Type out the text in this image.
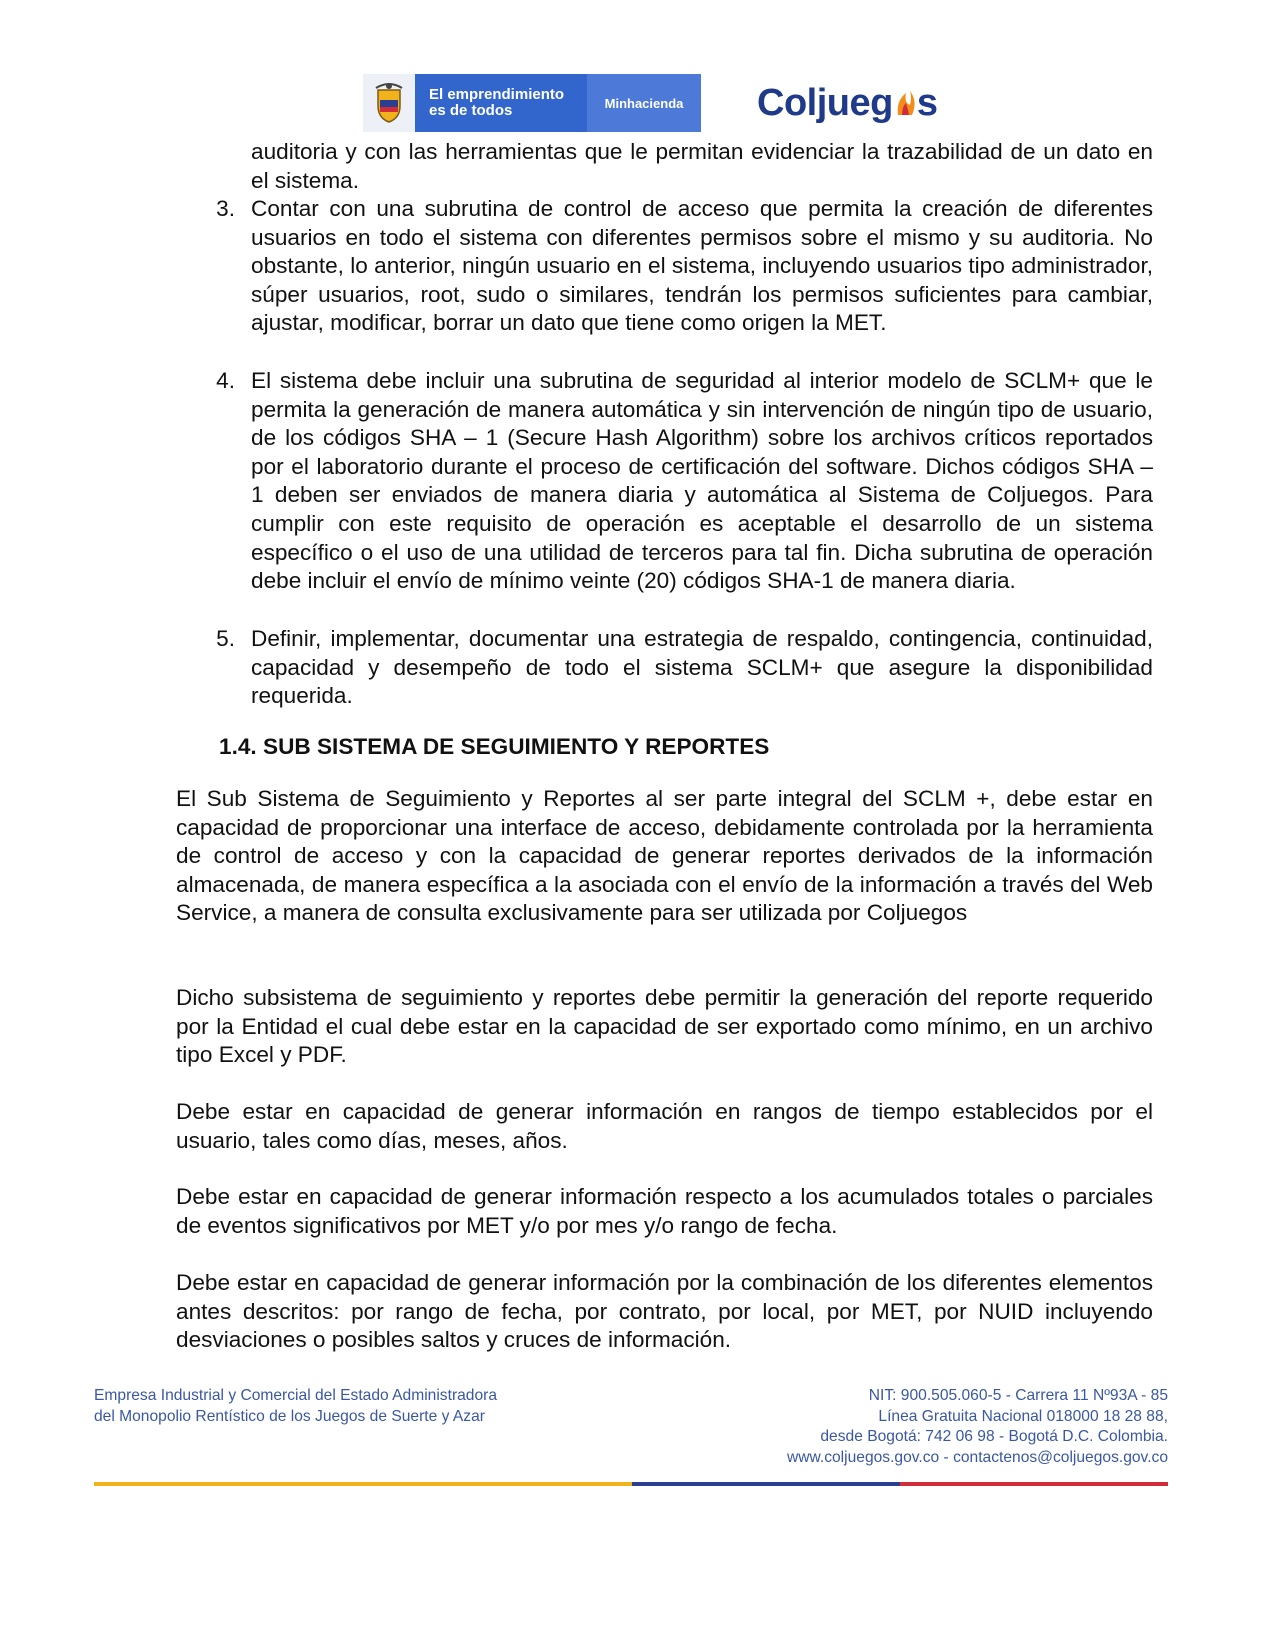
El emprendimiento
es de todos	Minhacienda	Coljueg s
auditoria y con las herramientas que le permitan evidenciar la trazabilidad de un dato en el sistema.
3. Contar con una subrutina de control de acceso que permita la creación de diferentes usuarios en todo el sistema con diferentes permisos sobre el mismo y su auditoria. No obstante, lo anterior, ningún usuario en el sistema, incluyendo usuarios tipo administrador, súper usuarios, root, sudo o similares, tendrán los permisos suficientes para cambiar, ajustar, modificar, borrar un dato que tiene como origen la MET.
4. El sistema debe incluir una subrutina de seguridad al interior modelo de SCLM+ que le permita la generación de manera automática y sin intervención de ningún tipo de usuario, de los códigos SHA – 1 (Secure Hash Algorithm) sobre los archivos críticos reportados por el laboratorio durante el proceso de certificación del software. Dichos códigos SHA – 1 deben ser enviados de manera diaria y automática al Sistema de Coljuegos. Para cumplir con este requisito de operación es aceptable el desarrollo de un sistema específico o el uso de una utilidad de terceros para tal fin. Dicha subrutina de operación debe incluir el envío de mínimo veinte (20) códigos SHA-1 de manera diaria.
5. Definir, implementar, documentar una estrategia de respaldo, contingencia, continuidad, capacidad y desempeño de todo el sistema SCLM+ que asegure la disponibilidad requerida.
1.4. SUB SISTEMA DE SEGUIMIENTO Y REPORTES
El Sub Sistema de Seguimiento y Reportes al ser parte integral del SCLM +, debe estar en capacidad de proporcionar una interface de acceso, debidamente controlada por la herramienta de control de acceso y con la capacidad de generar reportes derivados de la información almacenada, de manera específica a la asociada con el envío de la información a través del Web Service, a manera de consulta exclusivamente para ser utilizada por Coljuegos
Dicho subsistema de seguimiento y reportes debe permitir la generación del reporte requerido por la Entidad el cual debe estar en la capacidad de ser exportado como mínimo, en un archivo tipo Excel y PDF.
Debe estar en capacidad de generar información en rangos de tiempo establecidos por el usuario, tales como días, meses, años.
Debe estar en capacidad de generar información respecto a los acumulados totales o parciales de eventos significativos por MET y/o por mes y/o rango de fecha.
Debe estar en capacidad de generar información por la combinación de los diferentes elementos antes descritos: por rango de fecha, por contrato, por local, por MET, por NUID incluyendo desviaciones o posibles saltos y cruces de información.
Empresa Industrial y Comercial del Estado Administradora
del Monopolio Rentístico de los Juegos de Suerte y Azar
NIT: 900.505.060-5 - Carrera 11 Nº93A - 85
Línea Gratuita Nacional 018000 18 28 88,
desde Bogotá: 742 06 98 - Bogotá D.C. Colombia.
www.coljuegos.gov.co - contactenos@coljuegos.gov.co
